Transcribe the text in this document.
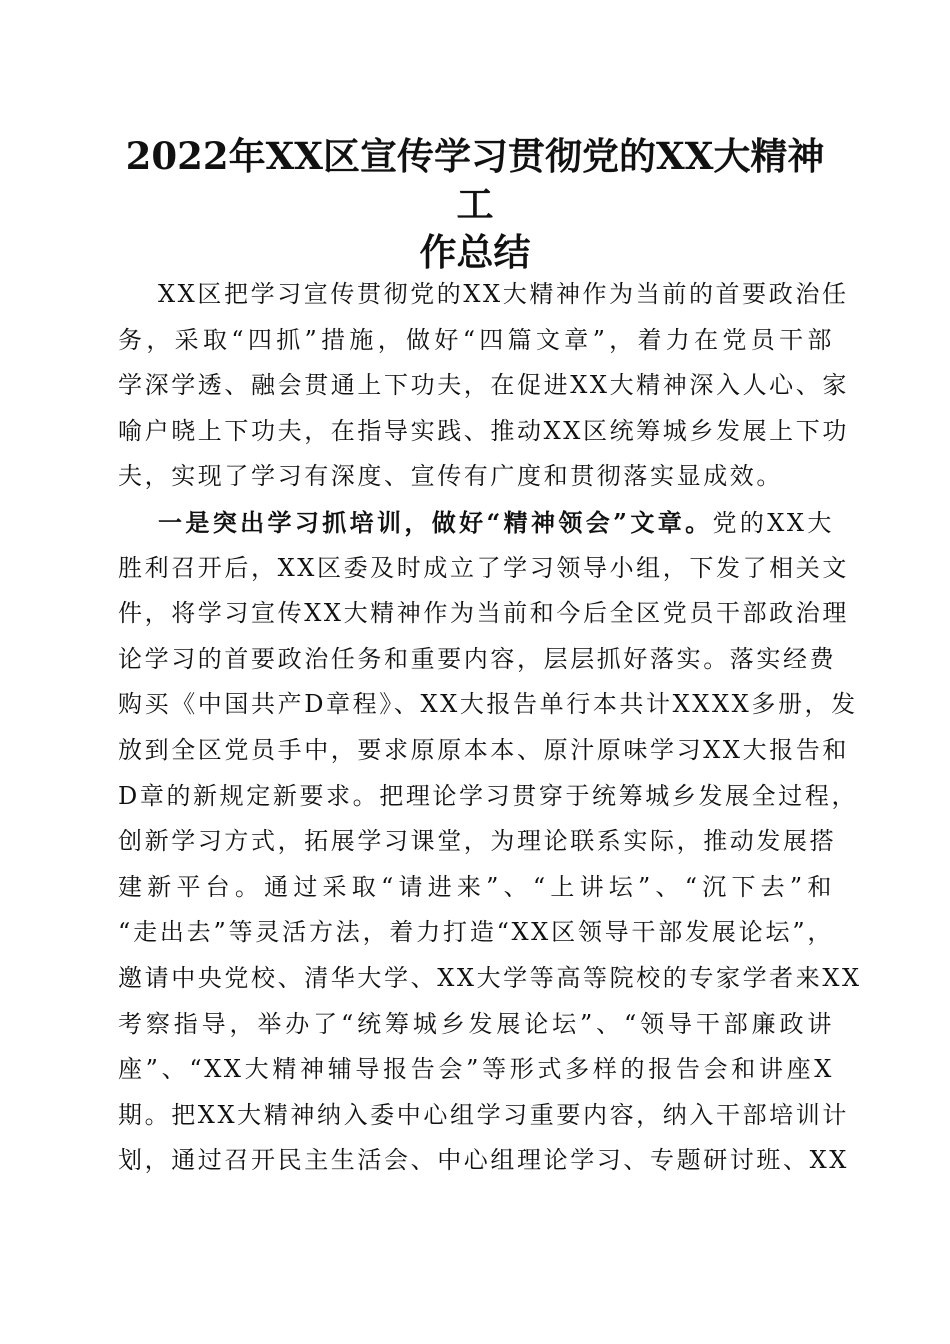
2022年XX区宣传学习贯彻党的XX大精神工
作总结
XX区把学习宣传贯彻党的XX大精神作为当前的首要政治任
务，采取“四抓”措施，做好“四篇文章”，着力在党员干部
学深学透、融会贯通上下功夫，在促进XX大精神深入人心、家
喻户晓上下功夫，在指导实践、推动XX区统筹城乡发展上下功
夫，实现了学习有深度、宣传有广度和贯彻落实显成效。
一是突出学习抓培训，做好“精神领会”文章。党的XX大
胜利召开后，XX区委及时成立了学习领导小组，下发了相关文
件，将学习宣传XX大精神作为当前和今后全区党员干部政治理
论学习的首要政治任务和重要内容，层层抓好落实。落实经费
购买《中国共产D章程》、XX大报告单行本共计XXXX多册，发
放到全区党员手中，要求原原本本、原汁原味学习XX大报告和
D章的新规定新要求。把理论学习贯穿于统筹城乡发展全过程，
创新学习方式，拓展学习课堂，为理论联系实际，推动发展搭
建新平台。通过采取“请进来”、“上讲坛”、“沉下去”和
“走出去”等灵活方法，着力打造“XX区领导干部发展论坛”，
邀请中央党校、清华大学、XX大学等高等院校的专家学者来XX
考察指导，举办了“统筹城乡发展论坛”、“领导干部廉政讲
座”、“XX大精神辅导报告会”等形式多样的报告会和讲座X
期。把XX大精神纳入委中心组学习重要内容，纳入干部培训计
划，通过召开民主生活会、中心组理论学习、专题研讨班、XX
